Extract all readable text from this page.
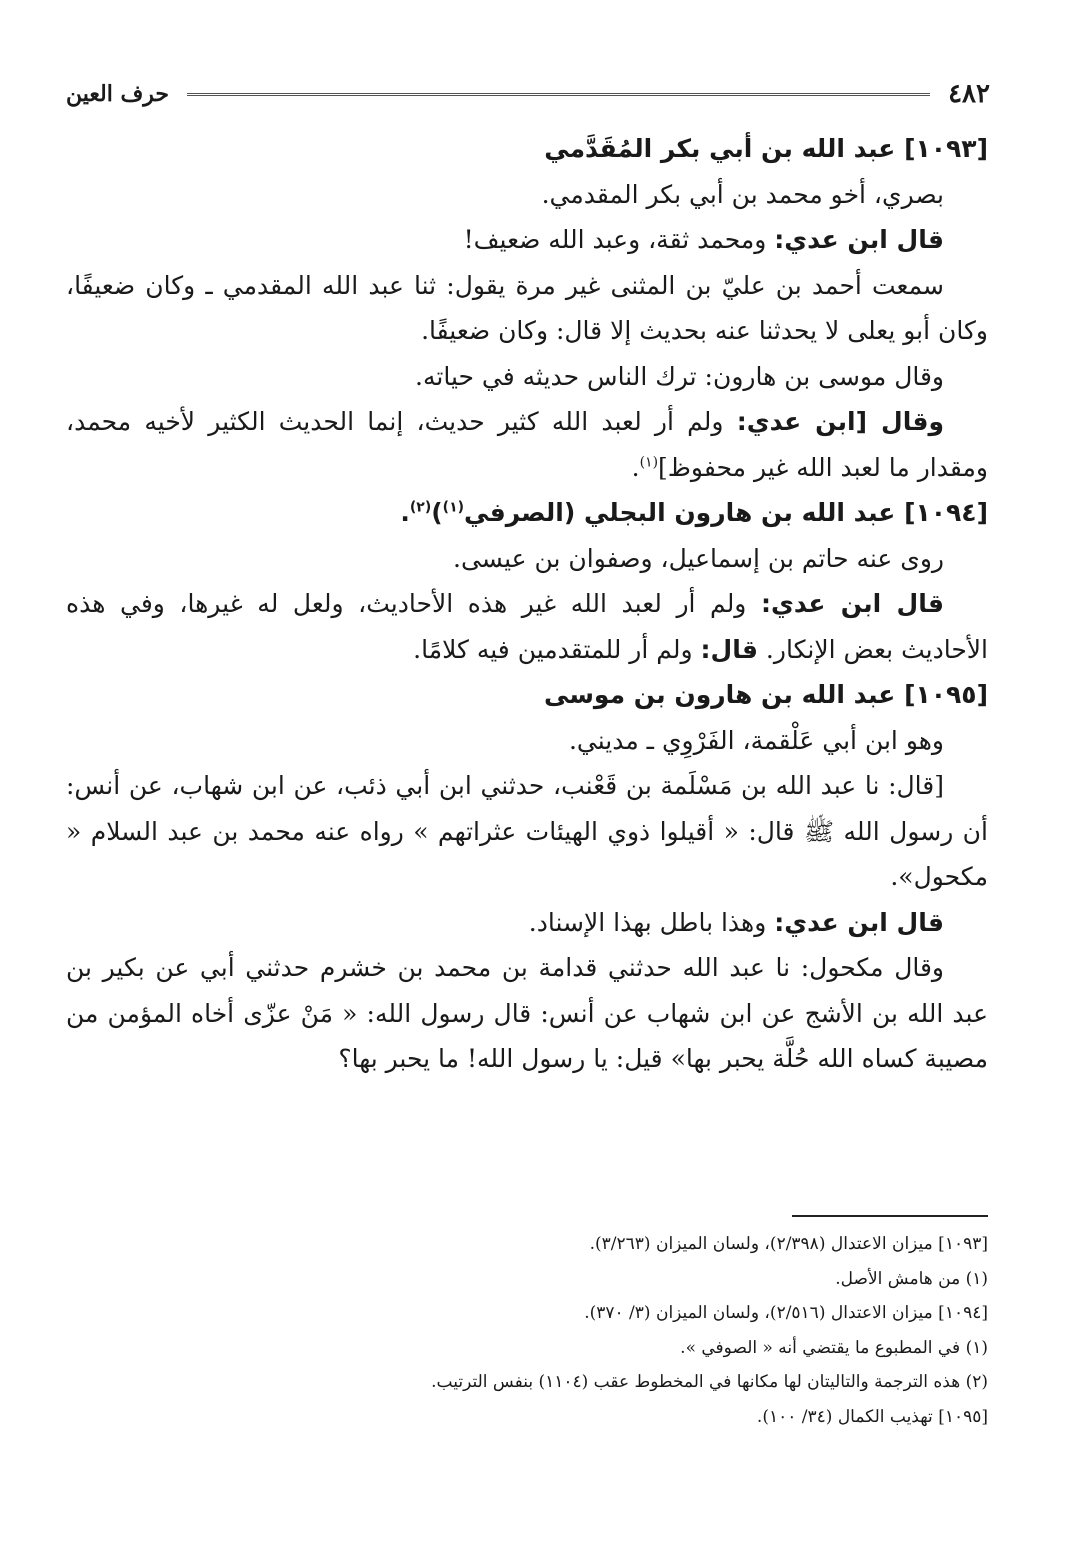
٤٨٢
حرف العين

[١٠٩٣] عبد الله بن أبي بكر المُقَدَّمي

بصري، أخو محمد بن أبي بكر المقدمي.

قال ابن عدي: ومحمد ثقة، وعبد الله ضعيف!

سمعت أحمد بن عليّ بن المثنى غير مرة يقول: ثنا عبد الله المقدمي ـ وكان ضعيفًا، وكان أبو يعلى لا يحدثنا عنه بحديث إلا قال: وكان ضعيفًا.

وقال موسى بن هارون: ترك الناس حديثه في حياته.

وقال [ابن عدي: ولم أر لعبد الله كثير حديث، إنما الحديث الكثير لأخيه محمد، ومقدار ما لعبد الله غير محفوظ]$^{(١)}$.

[١٠٩٤] عبد الله بن هارون البجلي (الصرفي$^{(١)}$)$^{(٢)}$.

روى عنه حاتم بن إسماعيل، وصفوان بن عيسى.

قال ابن عدي: ولم أر لعبد الله غير هذه الأحاديث، ولعل له غيرها، وفي هذه الأحاديث بعض الإنكار. قال: ولم أر للمتقدمين فيه كلامًا.

[١٠٩٥] عبد الله بن هارون بن موسى

وهو ابن أبي عَلْقمة، الفَرْوِي ـ مديني.

[قال: نا عبد الله بن مَسْلَمة بن قَعْنب، حدثني ابن أبي ذئب، عن ابن شهاب، عن أنس: أن رسول الله ﷺ قال: « أقيلوا ذوي الهيئات عثراتهم » رواه عنه محمد بن عبد السلام « مكحول».

قال ابن عدي: وهذا باطل بهذا الإسناد.

وقال مكحول: نا عبد الله حدثني قدامة بن محمد بن خشرم حدثني أبي عن بكير بن عبد الله بن الأشج عن ابن شهاب عن أنس: قال رسول الله: « مَنْ عزّى أخاه المؤمن من مصيبة كساه الله حُلَّة يحبر بها» قيل: يا رسول الله! ما يحبر بها؟

[١٠٩٣] ميزان الاعتدال (٢/٣٩٨)، ولسان الميزان (٣/٢٦٣).

(١) من هامش الأصل.

[١٠٩٤] ميزان الاعتدال (٢/٥١٦)، ولسان الميزان (٣/ ٣٧٠).

(١) في المطبوع ما يقتضي أنه « الصوفي ».

(٢) هذه الترجمة والتاليتان لها مكانها في المخطوط عقب (١١٠٤) بنفس الترتيب.

[١٠٩٥] تهذيب الكمال (٣٤/ ١٠٠).
